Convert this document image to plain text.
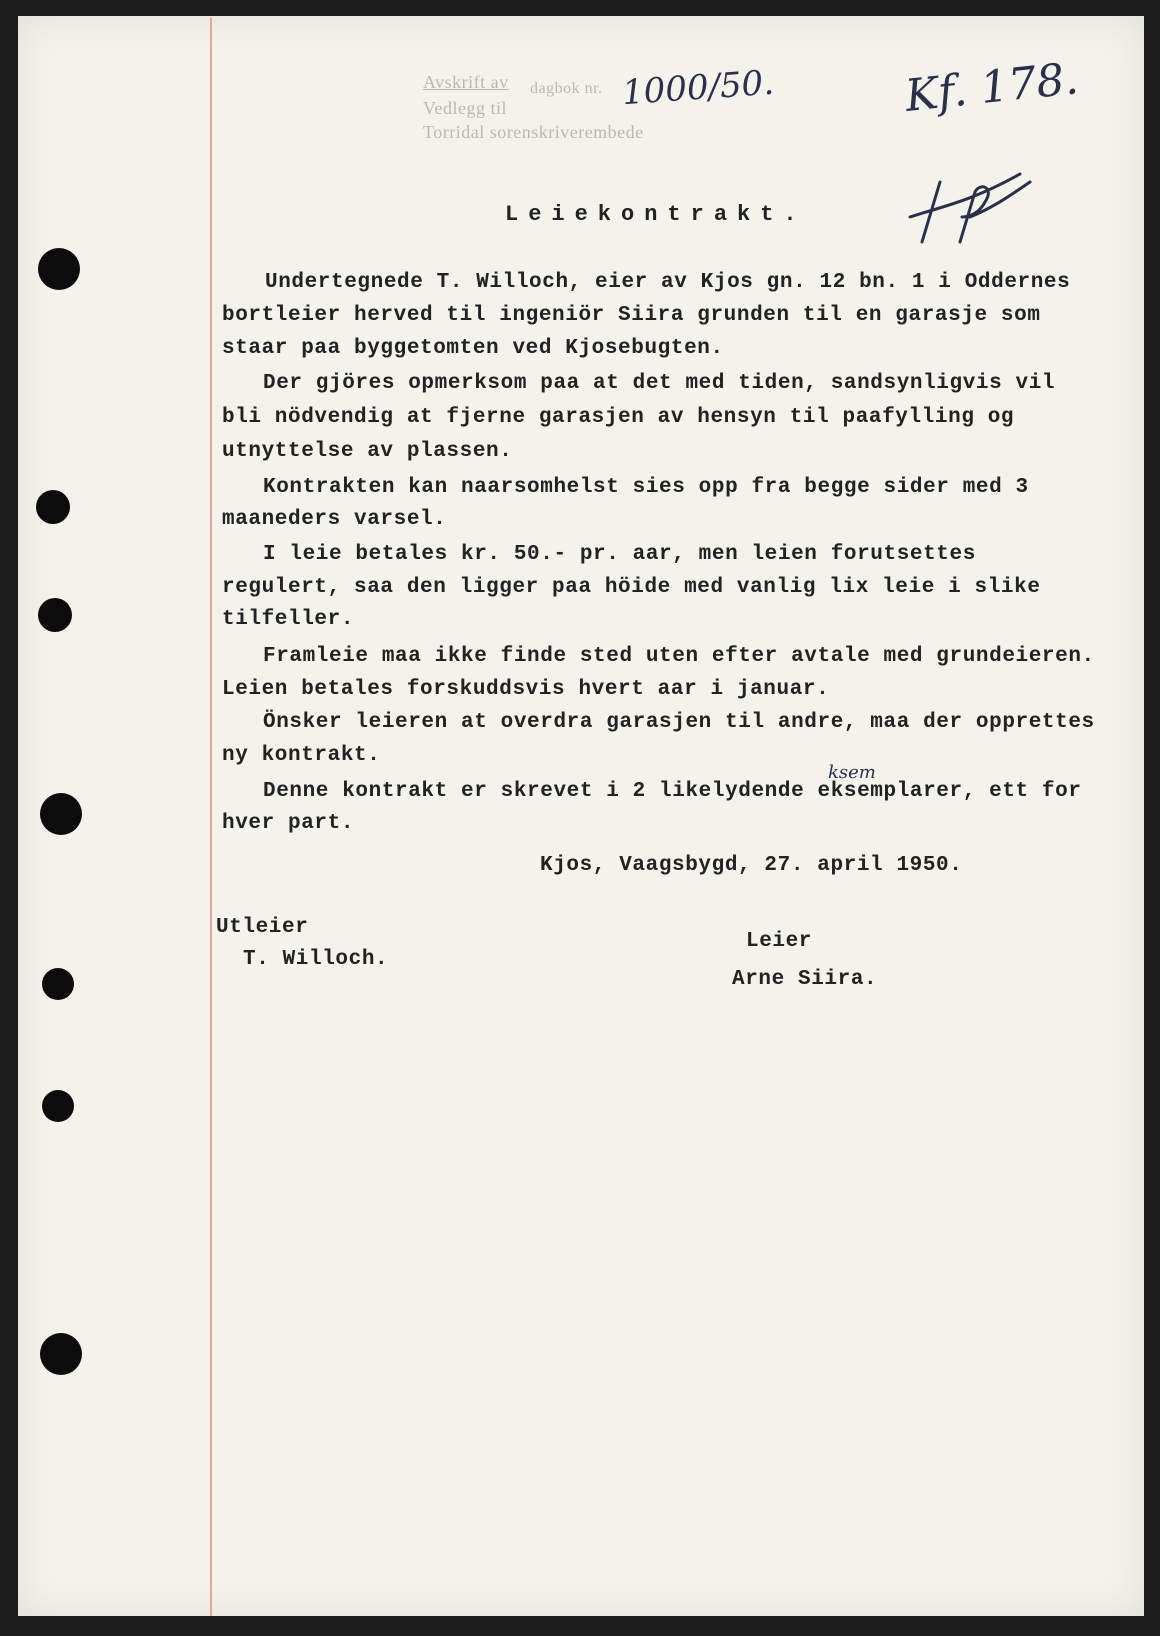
Avskrift av dagbok nr.
Vedlegg til
Torridal sorenskriverembede
1000/50.	Kf. 178.
ksem
Leiekontrakt.
Undertegnede T. Willoch, eier av Kjos gn. 12 bn. 1 i Oddernes
bortleier herved til ingeniör Siira grunden til en garasje som
staar paa byggetomten ved Kjosebugten.
Der gjöres opmerksom paa at det med tiden, sandsynligvis vil
bli nödvendig at fjerne garasjen av hensyn til paafylling og
utnyttelse av plassen.
Kontrakten kan naarsomhelst sies opp fra begge sider med 3
maaneders varsel.
I leie betales kr. 50.- pr. aar, men leien forutsettes
regulert, saa den ligger paa höide med vanlig lix leie i slike
tilfeller.
Framleie maa ikke finde sted uten efter avtale med grundeieren.
Leien betales forskuddsvis hvert aar i januar.
Önsker leieren at overdra garasjen til andre, maa der opprettes
ny kontrakt.
Denne kontrakt er skrevet i 2 likelydende eksemplarer, ett for
hver part.
Kjos, Vaagsbygd, 27. april 1950.
Utleier
T. Willoch.
Leier
Arne Siira.
